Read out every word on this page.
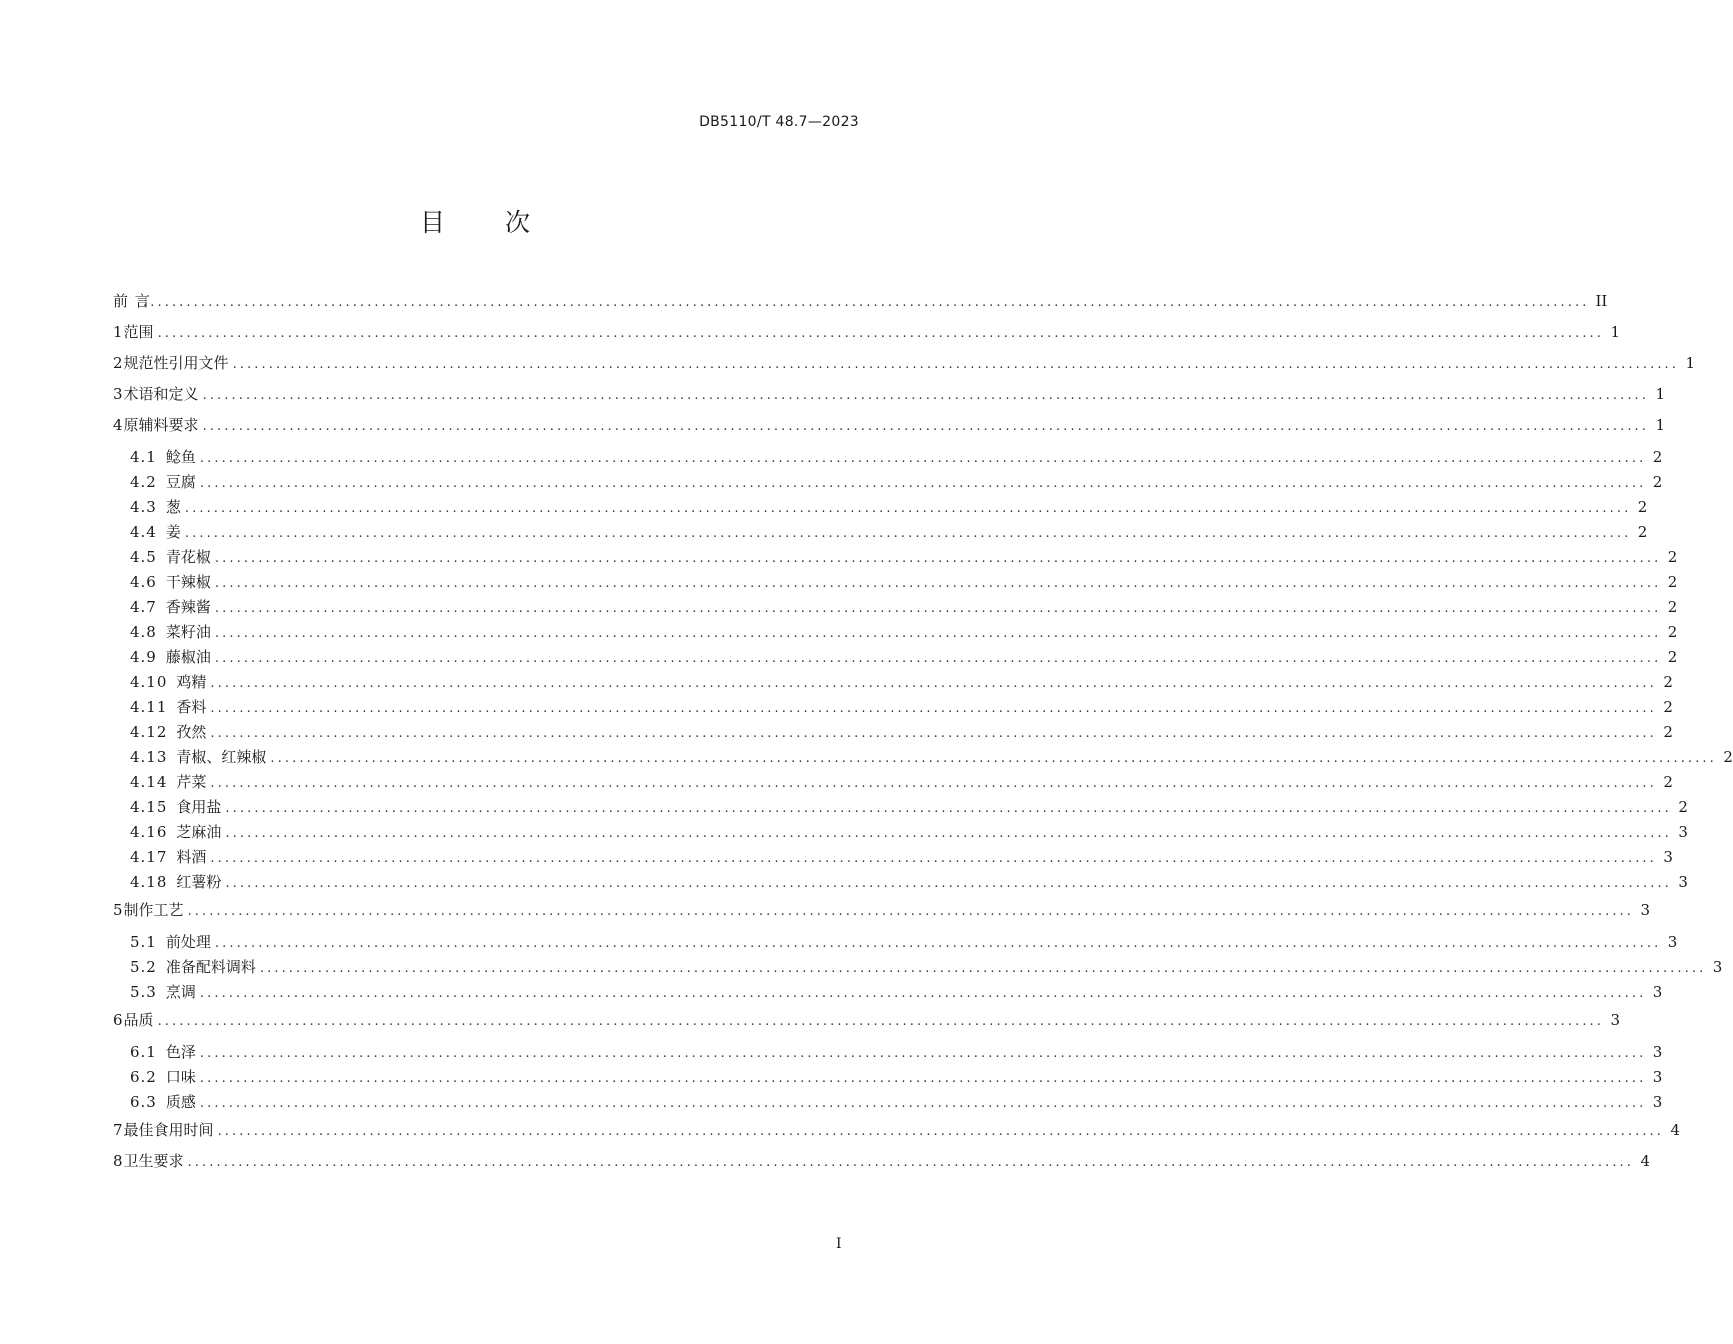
DB5110/T 48.7—2023
目 次
前 言
........................................................................................................................................................................................................ II
1 范围 ........................................................................................................................................................................................................ 1
2 规范性引用文件 ........................................................................................................................................................................................................ 1
3 术语和定义 ........................................................................................................................................................................................................ 1
4 原辅料要求 ........................................................................................................................................................................................................ 1
4.1 鲶鱼 ........................................................................................................................................................................................................ 2
4.2 豆腐 ........................................................................................................................................................................................................ 2
4.3 葱 ........................................................................................................................................................................................................ 2
4.4 姜 ........................................................................................................................................................................................................ 2
4.5 青花椒 ........................................................................................................................................................................................................ 2
4.6 干辣椒 ........................................................................................................................................................................................................ 2
4.7 香辣酱 ........................................................................................................................................................................................................ 2
4.8 菜籽油 ........................................................................................................................................................................................................ 2
4.9 藤椒油 ........................................................................................................................................................................................................ 2
4.10 鸡精 ........................................................................................................................................................................................................ 2
4.11 香料 ........................................................................................................................................................................................................ 2
4.12 孜然 ........................................................................................................................................................................................................ 2
4.13 青椒、红辣椒 ........................................................................................................................................................................................................ 2
4.14 芹菜 ........................................................................................................................................................................................................ 2
4.15 食用盐 ........................................................................................................................................................................................................ 2
4.16 芝麻油 ........................................................................................................................................................................................................ 3
4.17 料酒 ........................................................................................................................................................................................................ 3
4.18 红薯粉 ........................................................................................................................................................................................................ 3
5 制作工艺 ........................................................................................................................................................................................................ 3
5.1 前处理 ........................................................................................................................................................................................................ 3
5.2 准备配料调料 ........................................................................................................................................................................................................ 3
5.3 烹调 ........................................................................................................................................................................................................ 3
6 品质 ........................................................................................................................................................................................................ 3
6.1 色泽 ........................................................................................................................................................................................................ 3
6.2 口味 ........................................................................................................................................................................................................ 3
6.3 质感 ........................................................................................................................................................................................................ 3
7 最佳食用时间 ........................................................................................................................................................................................................ 4
8 卫生要求 ........................................................................................................................................................................................................ 4
I
